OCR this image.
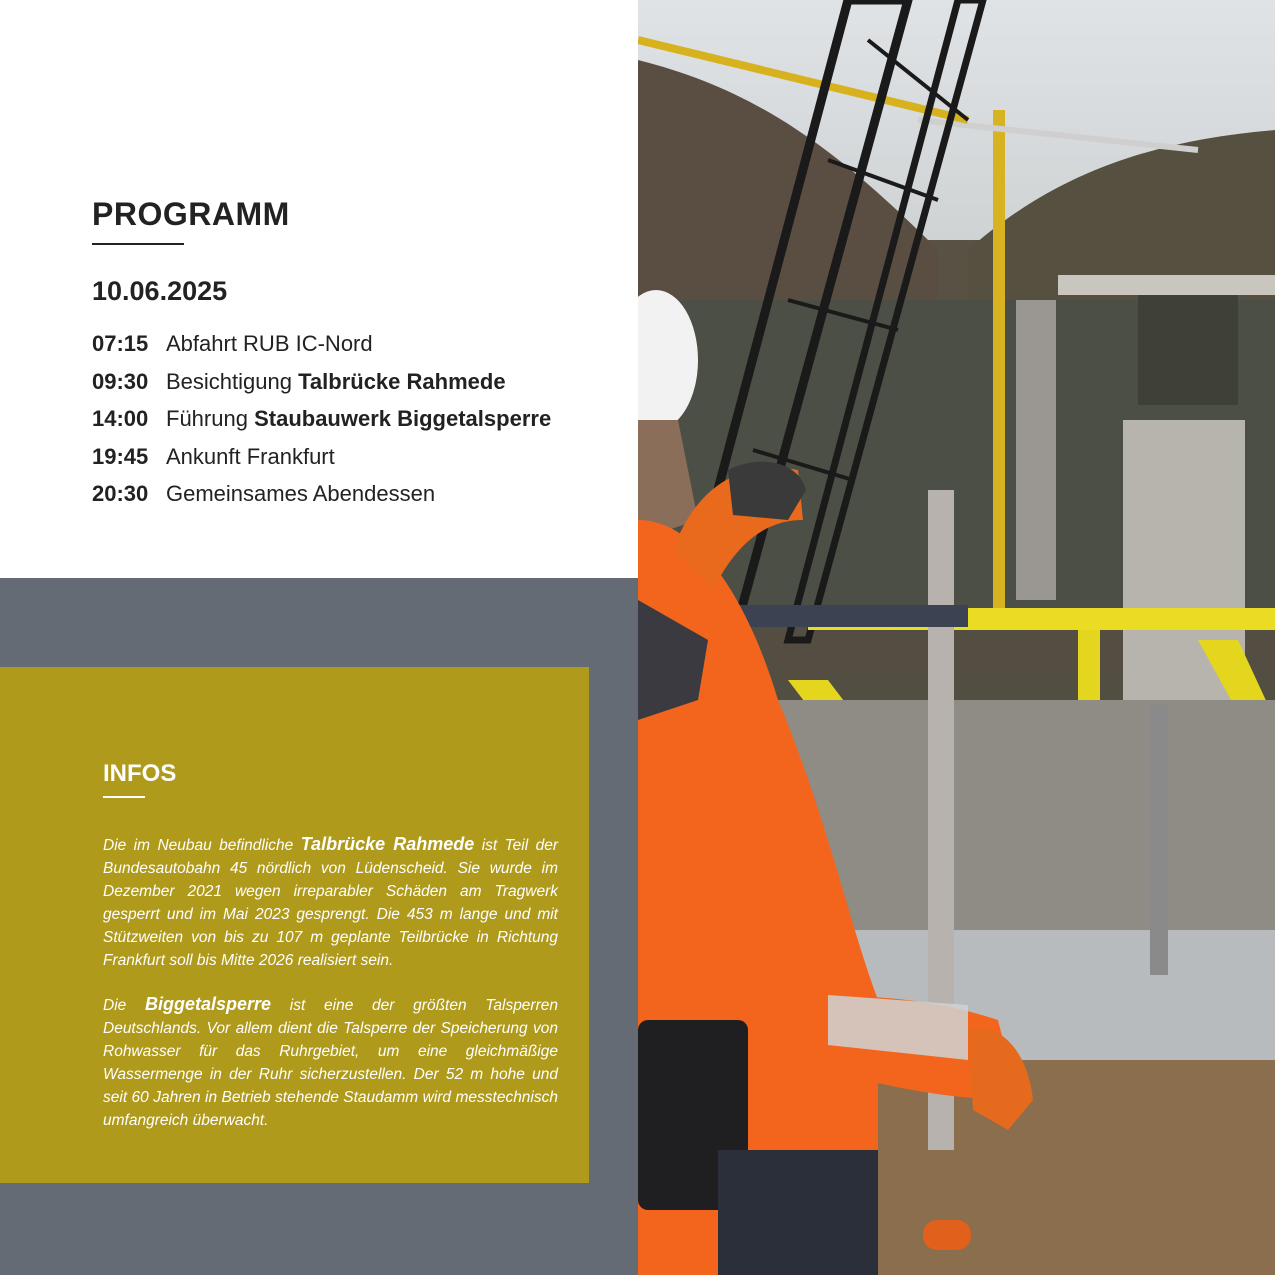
PROGRAMM
10.06.2025
07:15 Abfahrt RUB IC-Nord
09:30 Besichtigung Talbrücke Rahmede
14:00 Führung Staubauwerk Biggetalsperre
19:45 Ankunft Frankfurt
20:30 Gemeinsames Abendessen
INFOS

Die im Neubau befindliche Talbrücke Rahmede ist Teil der Bundesautobahn 45 nördlich von Lüdenscheid. Sie wurde im Dezember 2021 wegen irreparabler Schäden am Tragwerk gesperrt und im Mai 2023 gesprengt. Die 453 m lange und mit Stützweiten von bis zu 107 m geplante Teilbrücke in Richtung Frankfurt soll bis Mitte 2026 realisiert sein.

Die Biggetalsperre ist eine der größten Talsperren Deutschlands. Vor allem dient die Talsperre der Speicherung von Rohwasser für das Ruhrgebiet, um eine gleichmäßige Wassermenge in der Ruhr sicherzustellen. Der 52 m hohe und seit 60 Jahren in Betrieb stehende Staudamm wird messtechnisch umfangreich überwacht.
